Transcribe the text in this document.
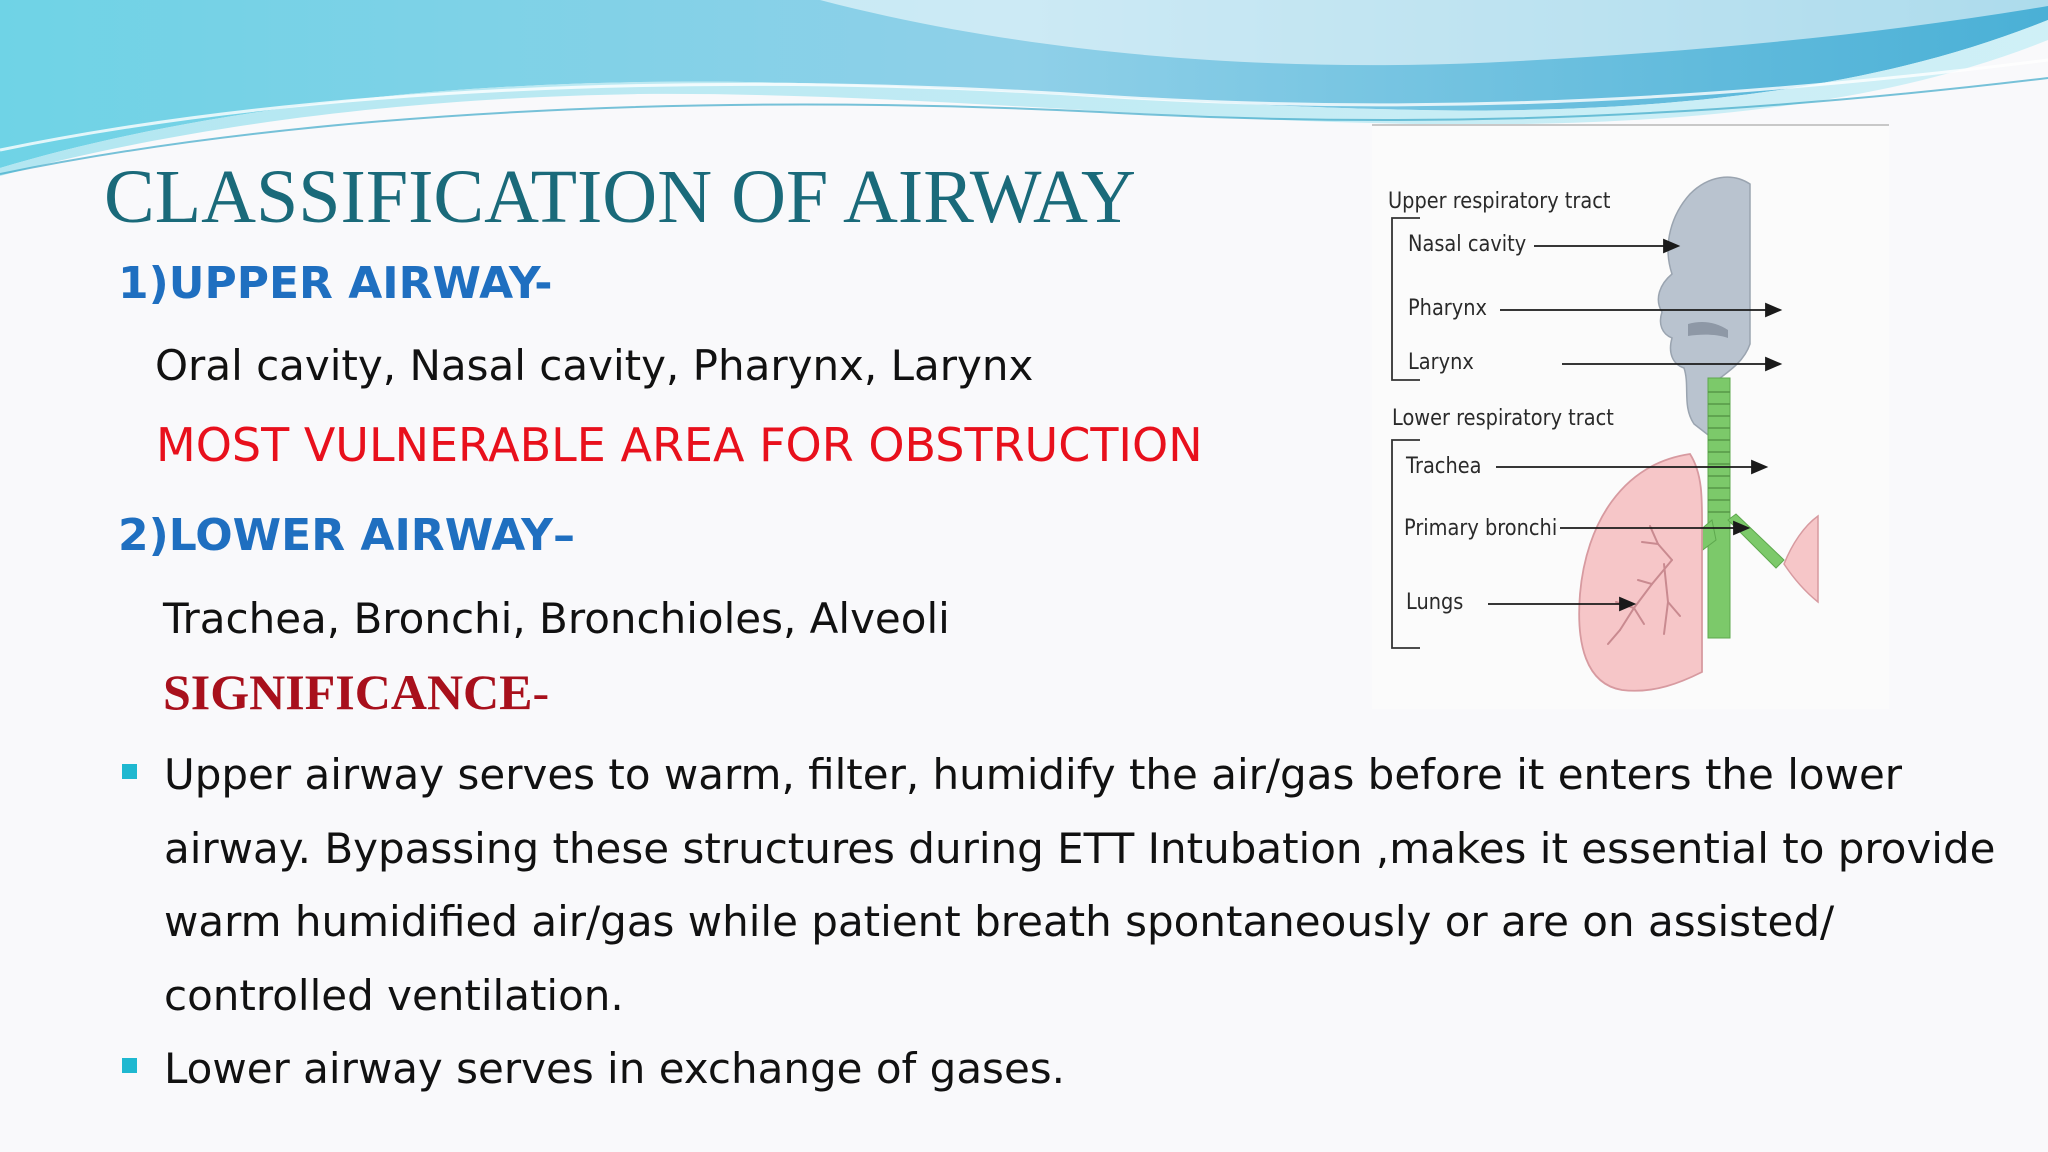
CLASSIFICATION OF AIRWAY
1)UPPER AIRWAY-

Oral cavity, Nasal cavity, Pharynx, Larynx

MOST VULNERABLE AREA FOR OBSTRUCTION

2)LOWER AIRWAY–

Trachea, Bronchi, Bronchioles, Alveoli

SIGNIFICANCE-

Upper airway serves to warm, filter, humidify the air/gas before it enters the lower airway. Bypassing these structures during ETT Intubation ,makes it essential to provide warm humidified air/gas while patient breath spontaneously or are on assisted/ controlled ventilation.
Lower airway serves in exchange of gases.

Upper respiratory tract

Nasal cavity

Pharynx

Larynx

Lower respiratory tract

Trachea

Primary bronchi

Lungs
